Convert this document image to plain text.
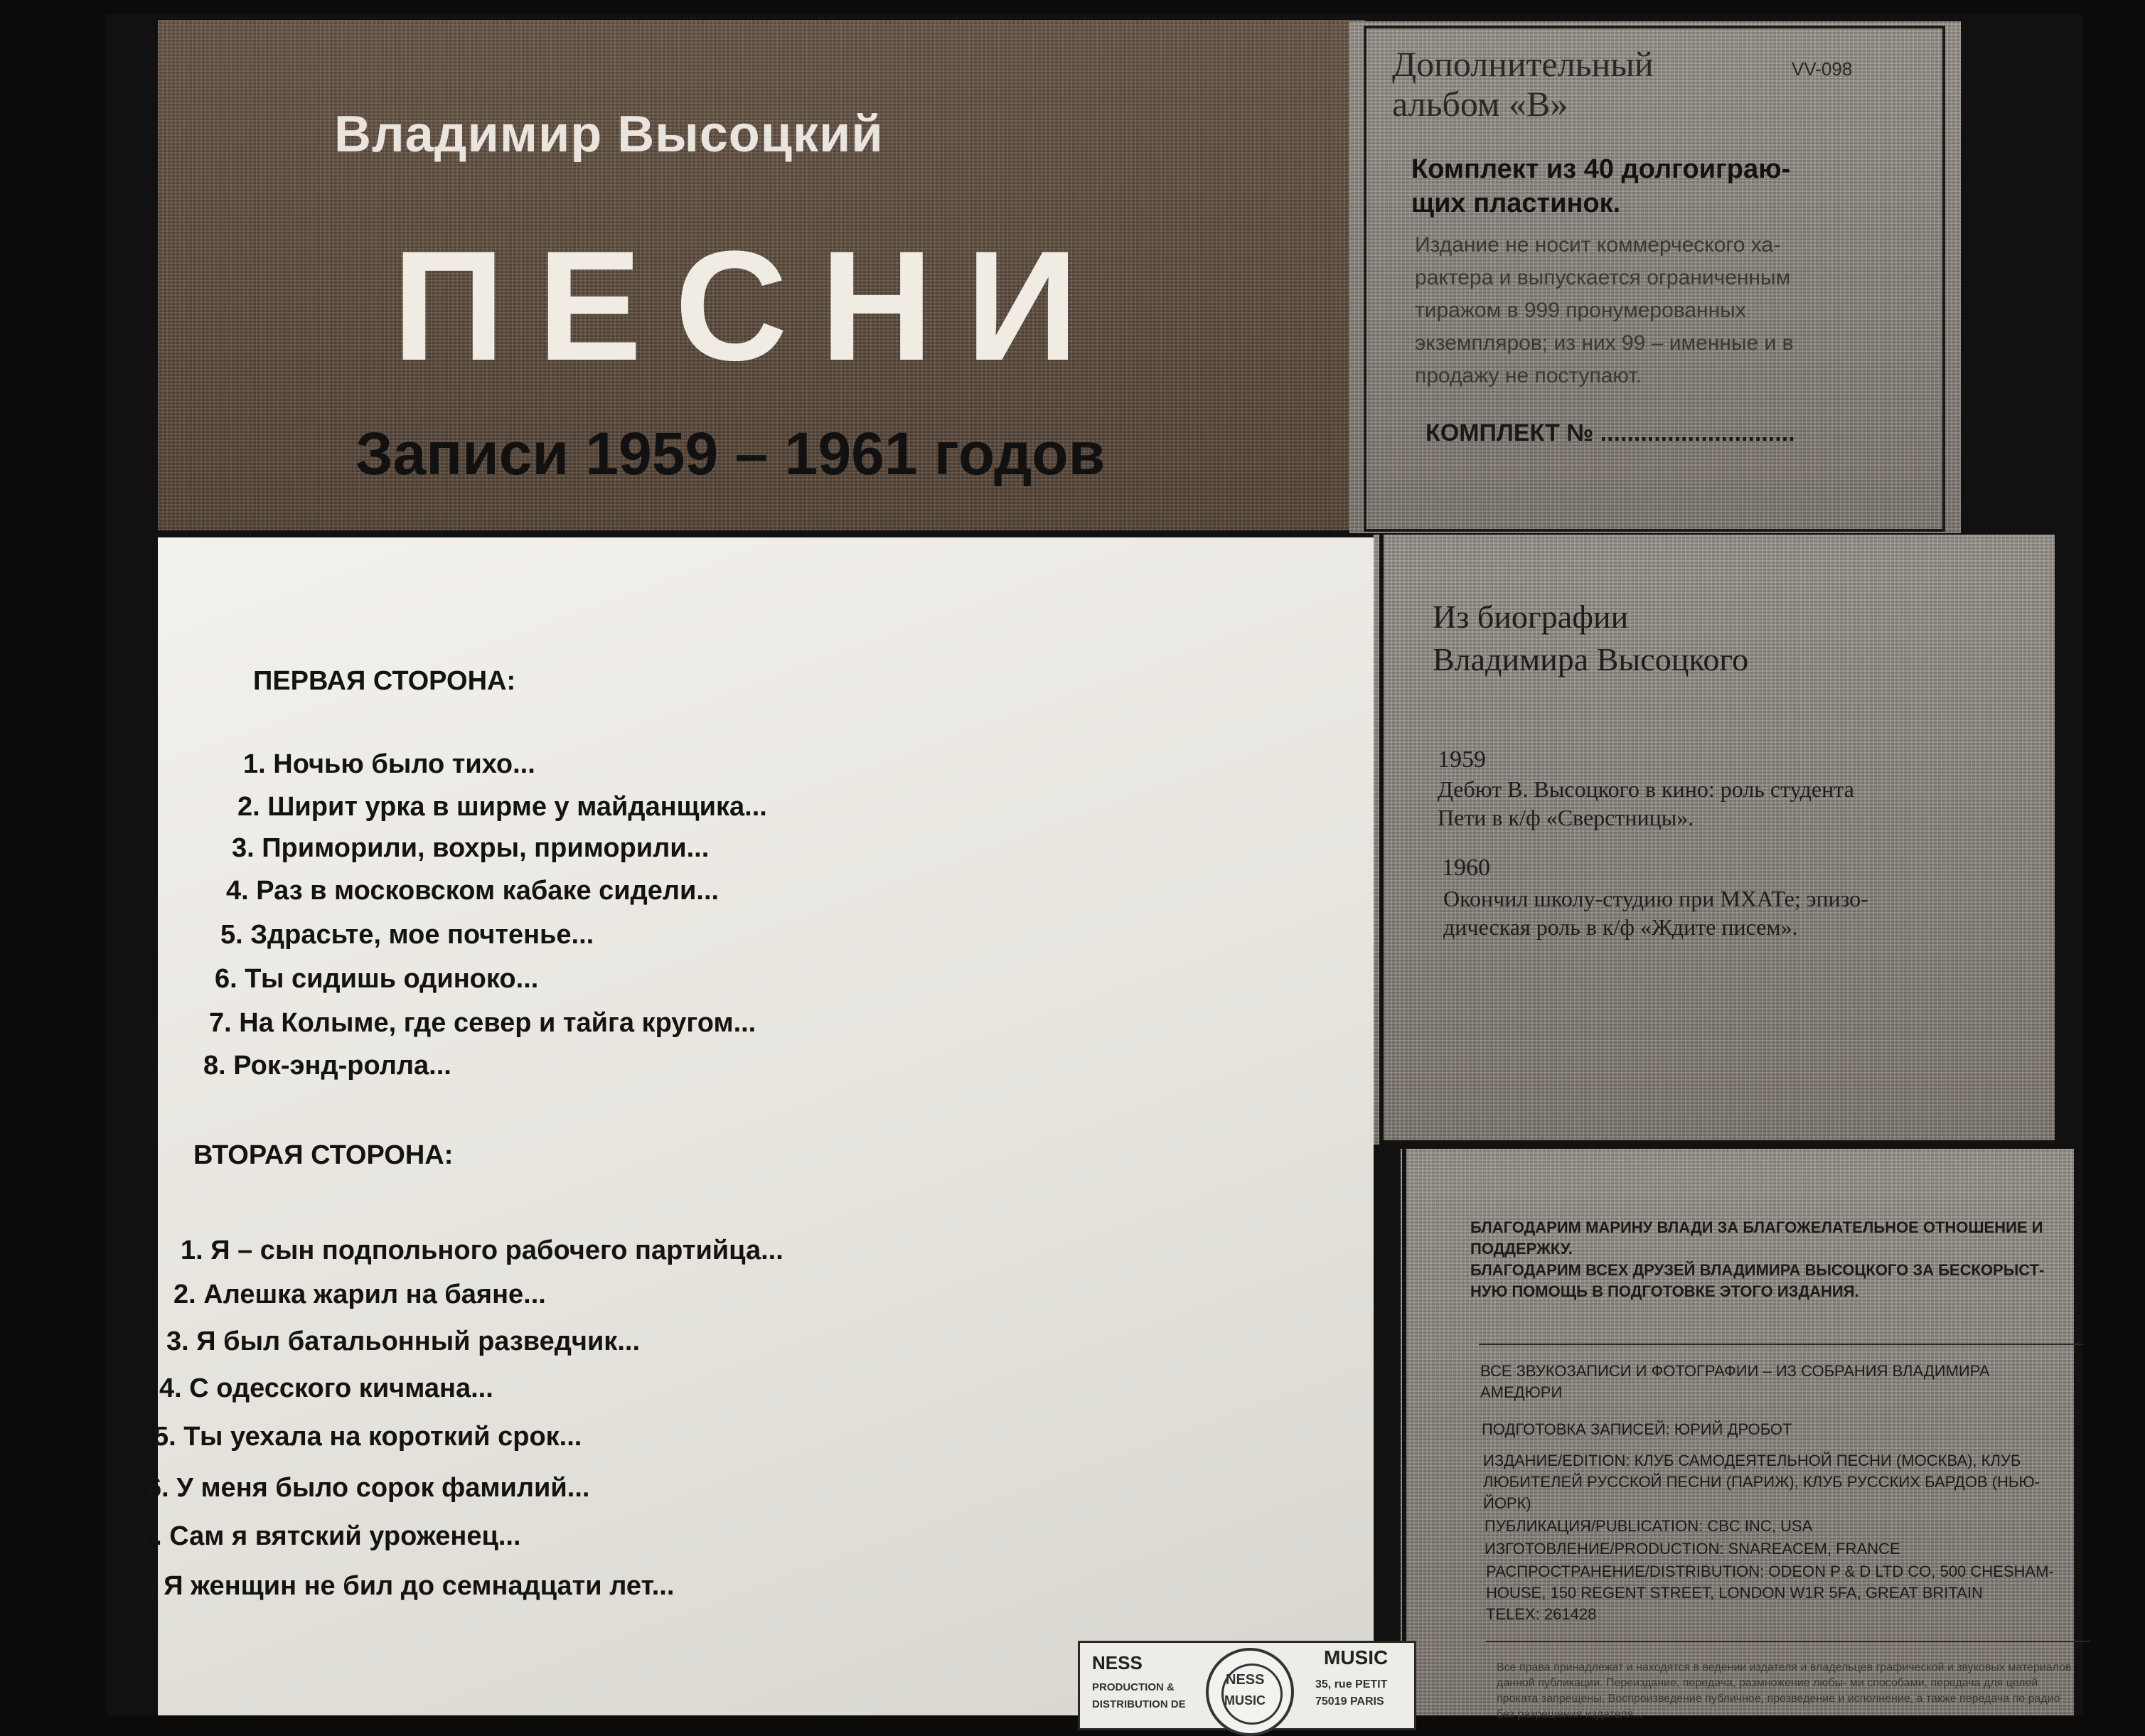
Владимир Высоцкий
ПЕСНИ
Записи 1959 – 1961 годов
Дополнительный
альбом «В»
VV-098
Комплект из 40 долгоиграю-
щих пластинок.
Издание не носит коммерческого ха-
рактера и выпускается ограниченным
тиражом в 999 пронумерованных
экземпляров; из них 99 – именные и в
продажу не поступают.
КОМПЛЕКТ № .............................
Из биографии
Владимира Высоцкого
1959
Дебют В. Высоцкого в кино: роль студента
Пети в к/ф «Сверстницы».
1960
Окончил школу-студию при МХАТе; эпизо-
дическая роль в к/ф «Ждите писем».
ПЕРВАЯ СТОРОНА:
1. Ночью было тихо...
2. Ширит урка в ширме у майданщика...
3. Приморили, вохры, приморили...
4. Раз в московском кабаке сидели...
5. Здрасьте, мое почтенье...
6. Ты сидишь одиноко...
7. На Колыме, где север и тайга кругом...
8. Рок-энд-ролла...
ВТОРАЯ СТОРОНА:
1. Я – сын подпольного рабочего партийца...
2. Алешка жарил на баяне...
3. Я был батальонный разведчик...
4. С одесского кичмана...
5. Ты уехала на короткий срок...
6. У меня было сорок фамилий...
7. Сам я вятский уроженец...
8. Я женщин не бил до семнадцати лет...
БЛАГОДАРИМ МАРИНУ ВЛАДИ ЗА БЛАГОЖЕЛАТЕЛЬНОЕ ОТНОШЕНИЕ И
ПОДДЕРЖКУ.
БЛАГОДАРИМ ВСЕХ ДРУЗЕЙ ВЛАДИМИРА ВЫСОЦКОГО ЗА БЕСКОРЫСТ-
НУЮ ПОМОЩЬ В ПОДГОТОВКЕ ЭТОГО ИЗДАНИЯ.
ВСЕ ЗВУКОЗАПИСИ И ФОТОГРАФИИ – ИЗ СОБРАНИЯ ВЛАДИМИРА
АМЕДЮРИ
ПОДГОТОВКА ЗАПИСЕЙ: ЮРИЙ ДРОБОТ
ИЗДАНИЕ/EDITION: КЛУБ САМОДЕЯТЕЛЬНОЙ ПЕСНИ (МОСКВА), КЛУБ
ЛЮБИТЕЛЕЙ РУССКОЙ ПЕСНИ (ПАРИЖ), КЛУБ РУССКИХ БАРДОВ (НЬЮ-
ЙОРК)
ПУБЛИКАЦИЯ/PUBLICATION: CBC INC, USA
ИЗГОТОВЛЕНИЕ/PRODUCTION: SNAREACEM, FRANCE
РАСПРОСТРАНЕНИЕ/DISTRIBUTION: ODEON P & D LTD CO, 500 CHESHAM-
HOUSE, 150 REGENT STREET, LONDON W1R 5FA, GREAT BRITAIN
TELEX: 261428
Все права принадлежат и находятся в ведении издателя и владельцев графической и звуковых материалов данной публикации. Переиздание, передача, размножение любы- ми способами, передача для целей проката запрещены. Воспроизведение публичное, прозведение и исполнение, а также передача по радио без разрешения издателя...
NESS
PRODUCTION &
DISTRIBUTION DE
NESS
MUSIC
MUSIC
35, rue PETIT
75019 PARIS
